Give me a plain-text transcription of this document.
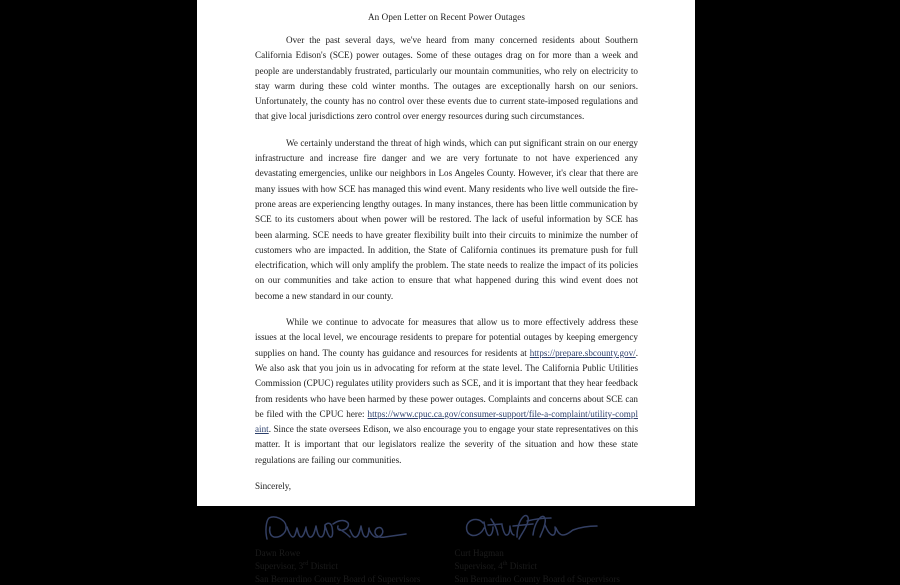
An Open Letter on Recent Power Outages

Over the past several days, we've heard from many concerned residents about Southern California Edison's (SCE) power outages. Some of these outages drag on for more than a week and people are understandably frustrated, particularly our mountain communities, who rely on electricity to stay warm during these cold winter months. The outages are exceptionally harsh on our seniors. Unfortunately, the county has no control over these events due to current state-imposed regulations and that give local jurisdictions zero control over energy resources during such circumstances.

We certainly understand the threat of high winds, which can put significant strain on our energy infrastructure and increase fire danger and we are very fortunate to not have experienced any devastating emergencies, unlike our neighbors in Los Angeles County. However, it's clear that there are many issues with how SCE has managed this wind event. Many residents who live well outside the fire-prone areas are experiencing lengthy outages. In many instances, there has been little communication by SCE to its customers about when power will be restored. The lack of useful information by SCE has been alarming. SCE needs to have greater flexibility built into their circuits to minimize the number of customers who are impacted. In addition, the State of California continues its premature push for full electrification, which will only amplify the problem. The state needs to realize the impact of its policies on our communities and take action to ensure that what happened during this wind event does not become a new standard in our county.

While we continue to advocate for measures that allow us to more effectively address these issues at the local level, we encourage residents to prepare for potential outages by keeping emergency supplies on hand. The county has guidance and resources for residents at https://prepare.sbcounty.gov/. We also ask that you join us in advocating for reform at the state level. The California Public Utilities Commission (CPUC) regulates utility providers such as SCE, and it is important that they hear feedback from residents who have been harmed by these power outages. Complaints and concerns about SCE can be filed with the CPUC here: https://www.cpuc.ca.gov/consumer-support/file-a-complaint/utility-complaint. Since the state oversees Edison, we also encourage you to engage your state representatives on this matter. It is important that our legislators realize the severity of the situation and how these state regulations are failing our communities.

Sincerely,

Dawn Rowe
Supervisor, 3rd District
San Bernardino County Board of Supervisors
Curt Hagman
Supervisor, 4th District
San Bernardino County Board of Supervisors
